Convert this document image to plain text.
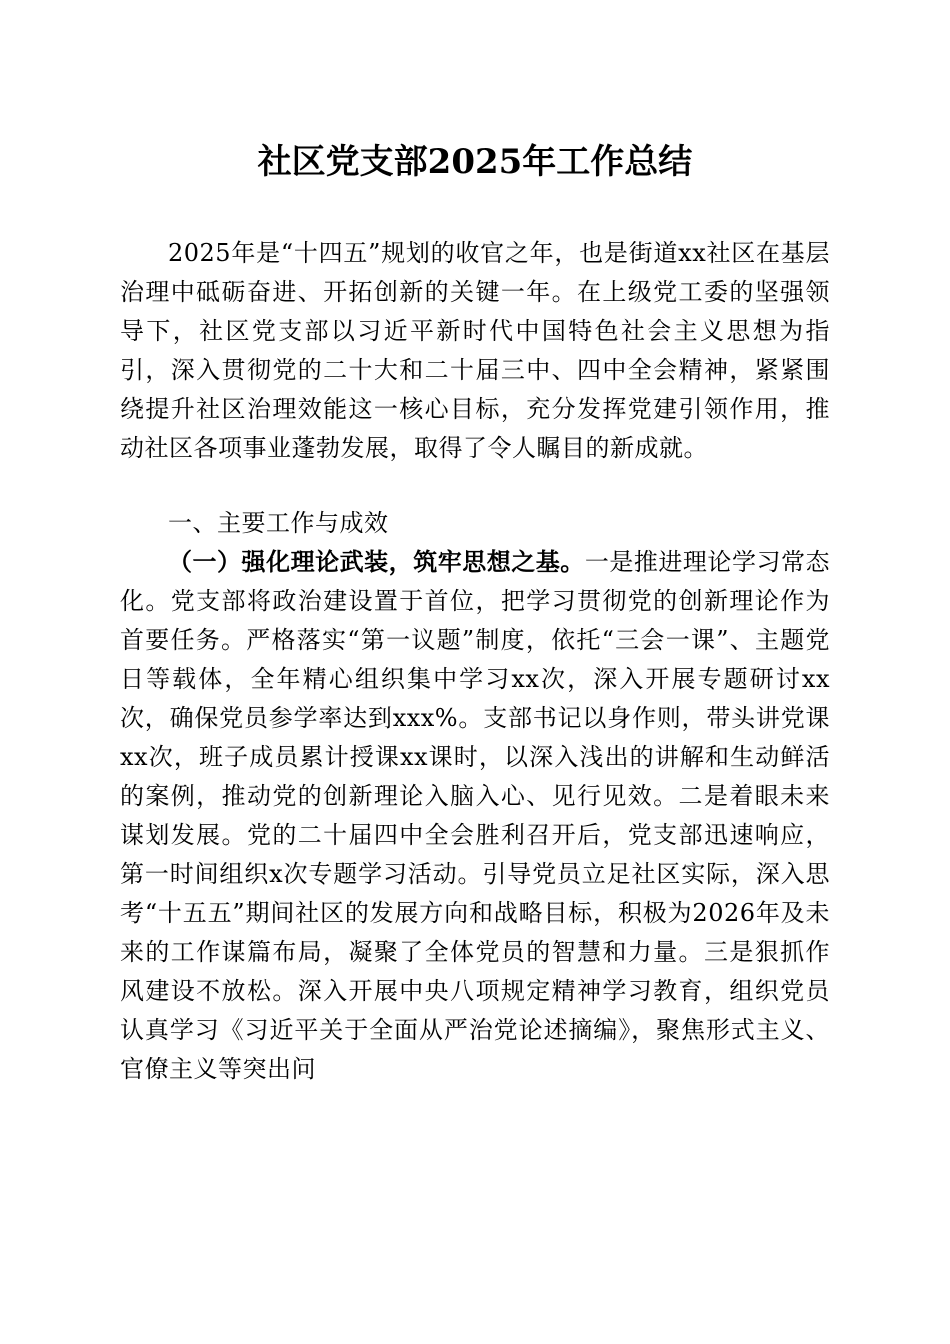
社区党支部2025年工作总结

2025年是“十四五”规划的收官之年，也是街道xx社区在基层治理中砥砺奋进、开拓创新的关键一年。在上级党工委的坚强领导下，社区党支部以习近平新时代中国特色社会主义思想为指引，深入贯彻党的二十大和二十届三中、四中全会精神，紧紧围绕提升社区治理效能这一核心目标，充分发挥党建引领作用，推动社区各项事业蓬勃发展，取得了令人瞩目的新成就。

一、主要工作与成效

（一）强化理论武装，筑牢思想之基。一是推进理论学习常态化。党支部将政治建设置于首位，把学习贯彻党的创新理论作为首要任务。严格落实“第一议题”制度，依托“三会一课”、主题党日等载体，全年精心组织集中学习xx次，深入开展专题研讨xx次，确保党员参学率达到xxx%。支部书记以身作则，带头讲党课xx次，班子成员累计授课xx课时，以深入浅出的讲解和生动鲜活的案例，推动党的创新理论入脑入心、见行见效。二是着眼未来谋划发展。党的二十届四中全会胜利召开后，党支部迅速响应，第一时间组织x次专题学习活动。引导党员立足社区实际，深入思考“十五五”期间社区的发展方向和战略目标，积极为2026年及未来的工作谋篇布局，凝聚了全体党员的智慧和力量。三是狠抓作风建设不放松。深入开展中央八项规定精神学习教育，组织党员认真学习《习近平关于全面从严治党论述摘编》，聚焦形式主义、官僚主义等突出问
